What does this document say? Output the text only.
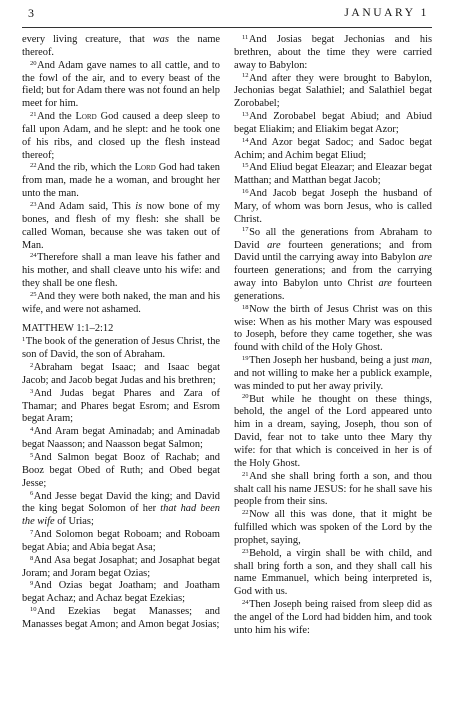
3	JANUARY 1

every living creature, that was the name thereof.

$^{20}$And Adam gave names to all cattle, and to the fowl of the air, and to every beast of the field; but for Adam there was not found an help meet for him.

$^{21}$And the Lord God caused a deep sleep to fall upon Adam, and he slept: and he took one of his ribs, and closed up the flesh instead thereof;

$^{22}$And the rib, which the Lord God had taken from man, made he a woman, and brought her unto the man.

$^{23}$And Adam said, This is now bone of my bones, and flesh of my flesh: she shall be called Woman, because she was taken out of Man.

$^{24}$Therefore shall a man leave his father and his mother, and shall cleave unto his wife: and they shall be one flesh.

$^{25}$And they were both naked, the man and his wife, and were not ashamed.

MATTHEW 1:1–2:12

$^1$The book of the generation of Jesus Christ, the son of David, the son of Abraham.

$^2$Abraham begat Isaac; and Isaac begat Jacob; and Jacob begat Judas and his brethren;

$^3$And Judas begat Phares and Zara of Thamar; and Phares begat Esrom; and Esrom begat Aram;

$^4$And Aram begat Aminadab; and Aminadab begat Naasson; and Naasson begat Salmon;

$^5$And Salmon begat Booz of Rachab; and Booz begat Obed of Ruth; and Obed begat Jesse;

$^6$And Jesse begat David the king; and David the king begat Solomon of her that had been the wife of Urias;

$^7$And Solomon begat Roboam; and Roboam begat Abia; and Abia begat Asa;

$^8$And Asa begat Josaphat; and Josaphat begat Joram; and Joram begat Ozias;

$^9$And Ozias begat Joatham; and Joatham begat Achaz; and Achaz begat Ezekias;

$^{10}$And Ezekias begat Manasses; and Manasses begat Amon; and Amon begat Josias;

$^{11}$And Josias begat Jechonias and his brethren, about the time they were carried away to Babylon:

$^{12}$And after they were brought to Babylon, Jechonias begat Salathiel; and Salathiel begat Zorobabel;

$^{13}$And Zorobabel begat Abiud; and Abiud begat Eliakim; and Eliakim begat Azor;

$^{14}$And Azor begat Sadoc; and Sadoc begat Achim; and Achim begat Eliud;

$^{15}$And Eliud begat Eleazar; and Eleazar begat Matthan; and Matthan begat Jacob;

$^{16}$And Jacob begat Joseph the husband of Mary, of whom was born Jesus, who is called Christ.

$^{17}$So all the generations from Abraham to David are fourteen generations; and from David until the carrying away into Babylon are fourteen generations; and from the carrying away into Babylon unto Christ are fourteen generations.

$^{18}$Now the birth of Jesus Christ was on this wise: When as his mother Mary was espoused to Joseph, before they came together, she was found with child of the Holy Ghost.

$^{19}$Then Joseph her husband, being a just man, and not willing to make her a publick example, was minded to put her away privily.

$^{20}$But while he thought on these things, behold, the angel of the Lord appeared unto him in a dream, saying, Joseph, thou son of David, fear not to take unto thee Mary thy wife: for that which is conceived in her is of the Holy Ghost.

$^{21}$And she shall bring forth a son, and thou shalt call his name JESUS: for he shall save his people from their sins.

$^{22}$Now all this was done, that it might be fulfilled which was spoken of the Lord by the prophet, saying,

$^{23}$Behold, a virgin shall be with child, and shall bring forth a son, and they shall call his name Emmanuel, which being interpreted is, God with us.

$^{24}$Then Joseph being raised from sleep did as the angel of the Lord had bidden him, and took unto him his wife:
